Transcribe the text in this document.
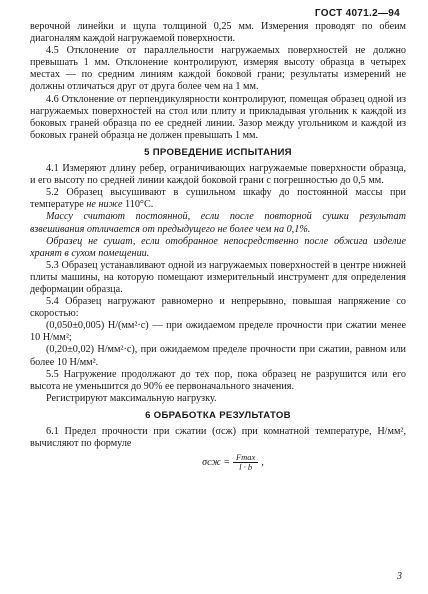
ГОСТ 4071.2—94

верочной линейки и щупа толщиной 0,25 мм. Измерения проводят по обеим диагоналям каждой нагружаемой поверхности.

4.5 Отклонение от параллельности нагружаемых поверхностей не должно превышать 1 мм. Отклонение контролируют, измеряя высоту образца в четырех местах — по средним линиям каждой боковой грани; результаты измерений не должны отличаться друг от друга более чем на 1 мм.

4.6 Отклонение от перпендикулярности контролируют, помещая образец одной из нагружаемых поверхностей на стол или плиту и прикладывая угольник к каждой из боковых граней образца по ее средней линии. Зазор между угольником и каждой из боковых граней образца не должен превышать 1 мм.

5 ПРОВЕДЕНИЕ ИСПЫТАНИЯ

4.1 Измеряют длину ребер, ограничивающих нагружаемые поверхности образца, и его высоту по средней линии каждой боковой грани с погрешностью до 0,5 мм.

5.2 Образец высушивают в сушильном шкафу до постоянной массы при температуре не ниже 110°С.

Массу считают постоянной, если после повторной сушки результат взвешивания отличается от предыдущего не более чем на 0,1%.

Образец не сушат, если отобранное непосредственно после обжига изделие хранят в сухом помещении.

5.3 Образец устанавливают одной из нагружаемых поверхностей в центре нижней плиты машины, на которую помещают измерительный инструмент для определения деформации образца.

5.4 Образец нагружают равномерно и непрерывно, повышая напряжение со скоростью:

(0,050±0,005) Н/(мм²·с) — при ожидаемом пределе прочности при сжатии менее 10 Н/мм²;

(0,20±0,02) Н/мм²·с), при ожидаемом пределе прочности при сжатии, равном или более 10 Н/мм².

5.5 Нагружение продолжают до тех пор, пока образец не разрушится или его высота не уменьшится до 90% ее первоначального значения.

Регистрируют максимальную нагрузку.

6 ОБРАБОТКА РЕЗУЛЬТАТОВ

6.1 Предел прочности при сжатии (σсж) при комнатной температуре, Н/мм², вычисляют по формуле

$\sigma сж = \frac{Fmax}{l \cdot b}$ ,
3
